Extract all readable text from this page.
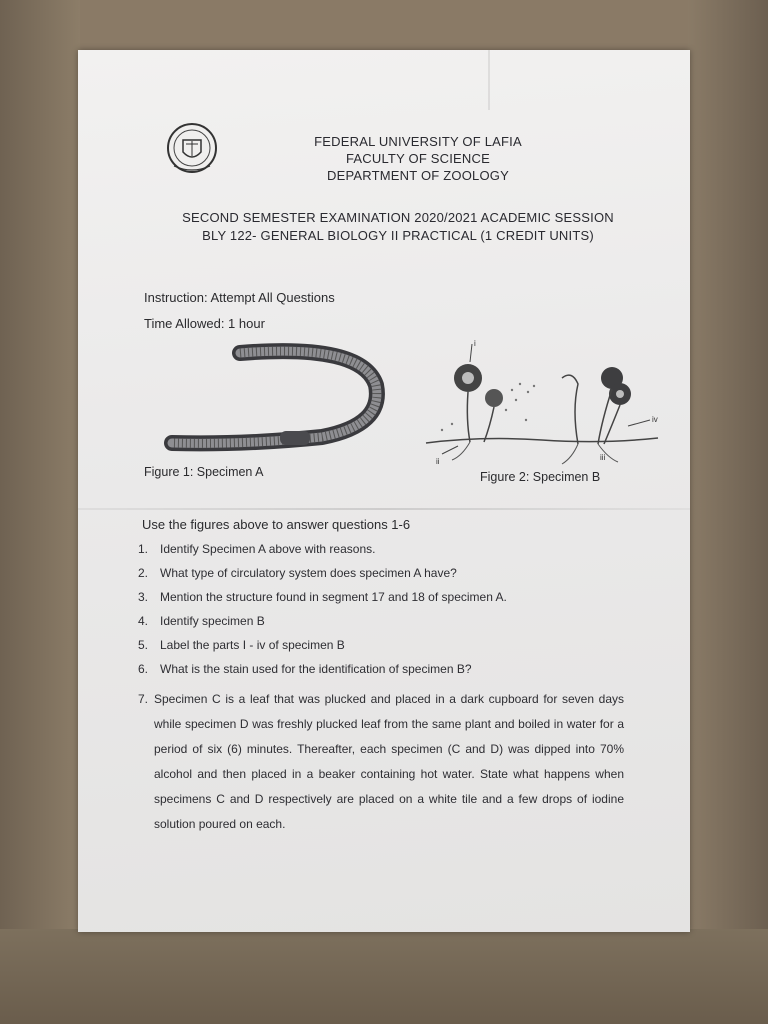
FEDERAL UNIVERSITY OF LAFIA
FACULTY OF SCIENCE
DEPARTMENT OF ZOOLOGY
SECOND SEMESTER EXAMINATION 2020/2021 ACADEMIC SESSION
BLY 122- GENERAL BIOLOGY II PRACTICAL (1 CREDIT UNITS)
Instruction: Attempt All Questions
Time Allowed: 1 hour
Figure 1: Specimen A
i
ii	iii
iv
Figure 2: Specimen B
Use the figures above to answer questions 1-6
1. Identify Specimen A above with reasons.
2. What type of circulatory system does specimen A have?
3. Mention the structure found in segment 17 and 18 of specimen A.
4. Identify specimen B
5. Label the parts I - iv of specimen B
6. What is the stain used for the identification of specimen B?
7. Specimen C is a leaf that was plucked and placed in a dark cupboard for seven days while specimen D was freshly plucked leaf from the same plant and boiled in water for a period of six (6) minutes. Thereafter, each specimen (C and D) was dipped into 70% alcohol and then placed in a beaker containing hot water. State what happens when specimens C and D respectively are placed on a white tile and a few drops of iodine solution poured on each.
